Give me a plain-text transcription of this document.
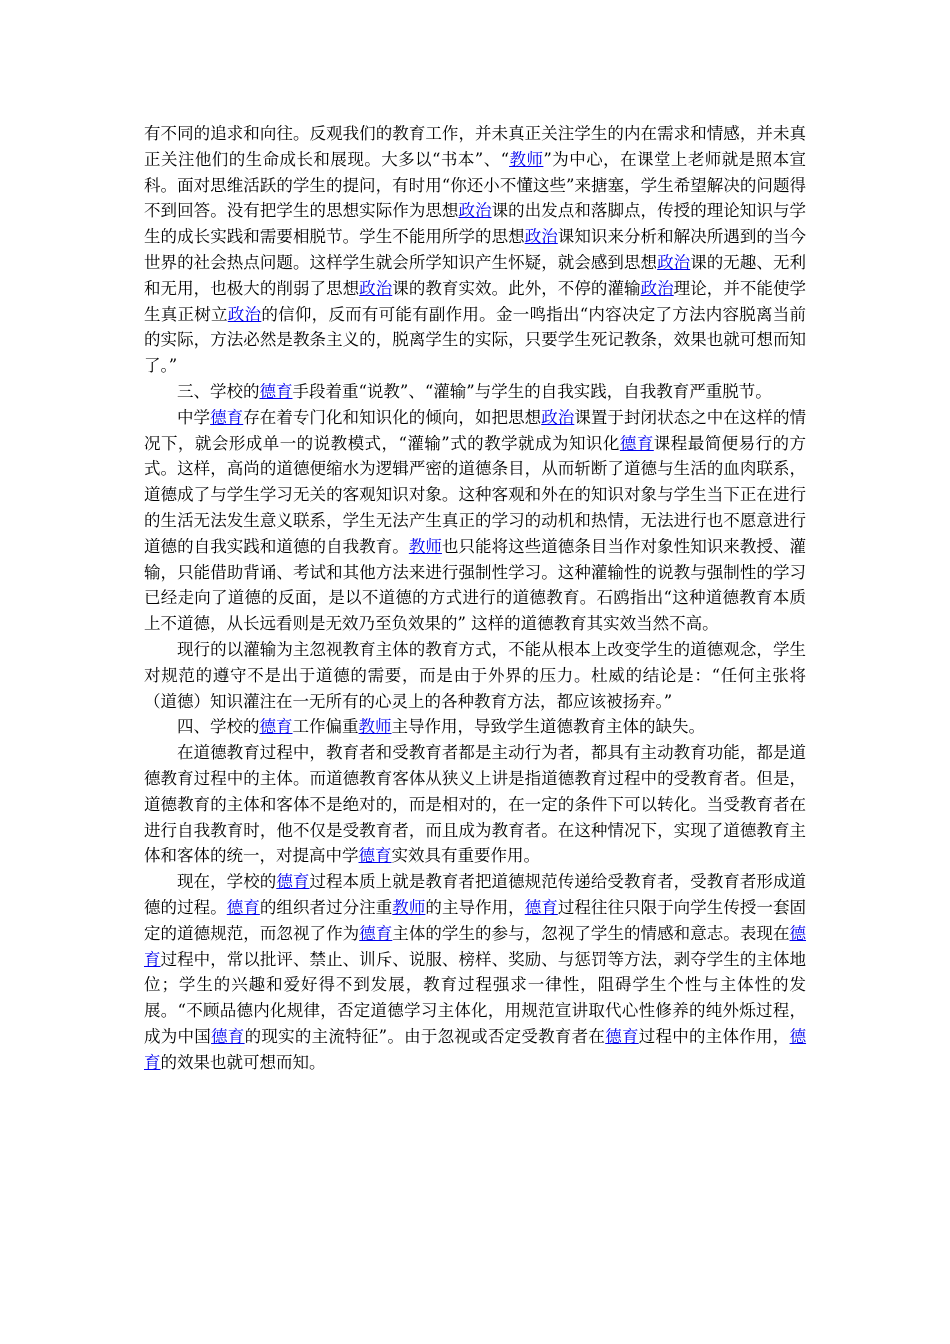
有不同的追求和向往。反观我们的教育工作，并未真正关注学生的内在需求和情感，并未真正关注他们的生命成长和展现。大多以“书本”、“教师”为中心，在课堂上老师就是照本宣科。面对思维活跃的学生的提问，有时用“你还小不懂这些”来搪塞，学生希望解决的问题得不到回答。没有把学生的思想实际作为思想政治课的出发点和落脚点，传授的理论知识与学生的成长实践和需要相脱节。学生不能用所学的思想政治课知识来分析和解决所遇到的当今世界的社会热点问题。这样学生就会所学知识产生怀疑，就会感到思想政治课的无趣、无利和无用，也极大的削弱了思想政治课的教育实效。此外，不停的灌输政治理论，并不能使学生真正树立政治的信仰，反而有可能有副作用。金一鸣指出“内容决定了方法内容脱离当前的实际，方法必然是教条主义的，脱离学生的实际，只要学生死记教条，效果也就可想而知了。”

三、学校的德育手段着重“说教”、“灌输”与学生的自我实践，自我教育严重脱节。

中学德育存在着专门化和知识化的倾向，如把思想政治课置于封闭状态之中在这样的情况下，就会形成单一的说教模式，“灌输”式的教学就成为知识化德育课程最简便易行的方式。这样，高尚的道德便缩水为逻辑严密的道德条目，从而斩断了道德与生活的血肉联系，道德成了与学生学习无关的客观知识对象。这种客观和外在的知识对象与学生当下正在进行的生活无法发生意义联系，学生无法产生真正的学习的动机和热情，无法进行也不愿意进行道德的自我实践和道德的自我教育。教师也只能将这些道德条目当作对象性知识来教授、灌输，只能借助背诵、考试和其他方法来进行强制性学习。这种灌输性的说教与强制性的学习已经走向了道德的反面，是以不道德的方式进行的道德教育。石鸥指出“这种道德教育本质上不道德，从长远看则是无效乃至负效果的” 这样的道德教育其实效当然不高。

现行的以灌输为主忽视教育主体的教育方式，不能从根本上改变学生的道德观念，学生对规范的遵守不是出于道德的需要，而是由于外界的压力。杜威的结论是：“任何主张将（道德）知识灌注在一无所有的心灵上的各种教育方法，都应该被扬弃。”

四、学校的德育工作偏重教师主导作用，导致学生道德教育主体的缺失。

在道德教育过程中，教育者和受教育者都是主动行为者，都具有主动教育功能，都是道德教育过程中的主体。而道德教育客体从狭义上讲是指道德教育过程中的受教育者。但是，道德教育的主体和客体不是绝对的，而是相对的，在一定的条件下可以转化。当受教育者在进行自我教育时，他不仅是受教育者，而且成为教育者。在这种情况下，实现了道德教育主体和客体的统一，对提高中学德育实效具有重要作用。

现在，学校的德育过程本质上就是教育者把道德规范传递给受教育者，受教育者形成道德的过程。德育的组织者过分注重教师的主导作用，德育过程往往只限于向学生传授一套固定的道德规范，而忽视了作为德育主体的学生的参与，忽视了学生的情感和意志。表现在德育过程中，常以批评、禁止、训斥、说服、榜样、奖励、与惩罚等方法，剥夺学生的主体地位；学生的兴趣和爱好得不到发展，教育过程强求一律性，阻碍学生个性与主体性的发展。“不顾品德内化规律，否定道德学习主体化，用规范宣讲取代心性修养的纯外烁过程，成为中国德育的现实的主流特征”。由于忽视或否定受教育者在德育过程中的主体作用，德育的效果也就可想而知。
